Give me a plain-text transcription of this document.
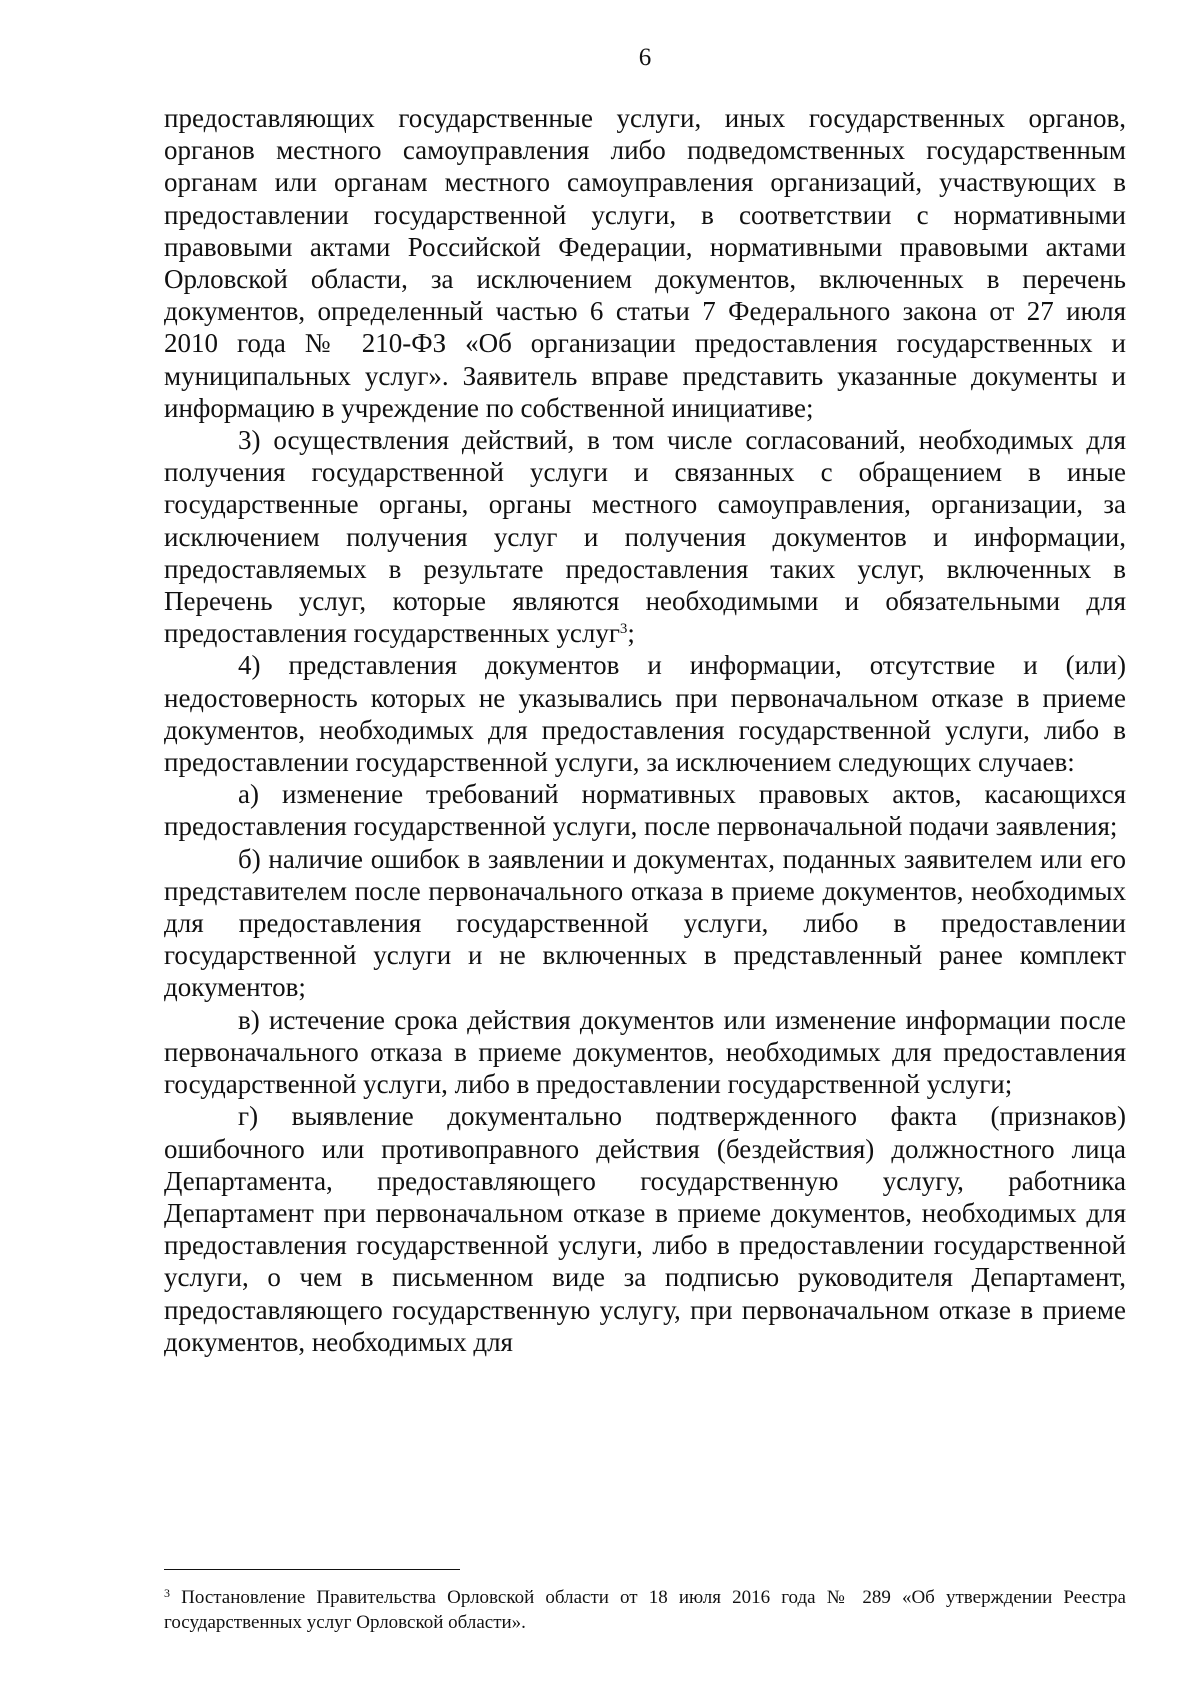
6

предоставляющих государственные услуги, иных государственных органов, органов местного самоуправления либо подведомственных государственным органам или органам местного самоуправления организаций, участвующих в предоставлении государственной услуги, в соответствии с нормативными правовыми актами Российской Федерации, нормативными правовыми актами Орловской области, за исключением документов, включенных в перечень документов, определенный частью 6 статьи 7 Федерального закона от 27 июля 2010 года № 210-ФЗ «Об организации предоставления государственных и муниципальных услуг». Заявитель вправе представить указанные документы и информацию в учреждение по собственной инициативе;

3) осуществления действий, в том числе согласований, необходимых для получения государственной услуги и связанных с обращением в иные государственные органы, органы местного самоуправления, организации, за исключением получения услуг и получения документов и информации, предоставляемых в результате предоставления таких услуг, включенных в Перечень услуг, которые являются необходимыми и обязательными для предоставления государственных услуг$^3$;

4) представления документов и информации, отсутствие и (или) недостоверность которых не указывались при первоначальном отказе в приеме документов, необходимых для предоставления государственной услуги, либо в предоставлении государственной услуги, за исключением следующих случаев:

а) изменение требований нормативных правовых актов, касающихся предоставления государственной услуги, после первоначальной подачи заявления;

б) наличие ошибок в заявлении и документах, поданных заявителем или его представителем после первоначального отказа в приеме документов, необходимых для предоставления государственной услуги, либо в предоставлении государственной услуги и не включенных в представленный ранее комплект документов;

в) истечение срока действия документов или изменение информации после первоначального отказа в приеме документов, необходимых для предоставления государственной услуги, либо в предоставлении государственной услуги;

г) выявление документально подтвержденного факта (признаков) ошибочного или противоправного действия (бездействия) должностного лица Департамента, предоставляющего государственную услугу, работника Департамент при первоначальном отказе в приеме документов, необходимых для предоставления государственной услуги, либо в предоставлении государственной услуги, о чем в письменном виде за подписью руководителя Департамент, предоставляющего государственную услугу, при первоначальном отказе в приеме документов, необходимых для

$^3$ Постановление Правительства Орловской области от 18 июля 2016 года № 289 «Об утверждении Реестра государственных услуг Орловской области».
